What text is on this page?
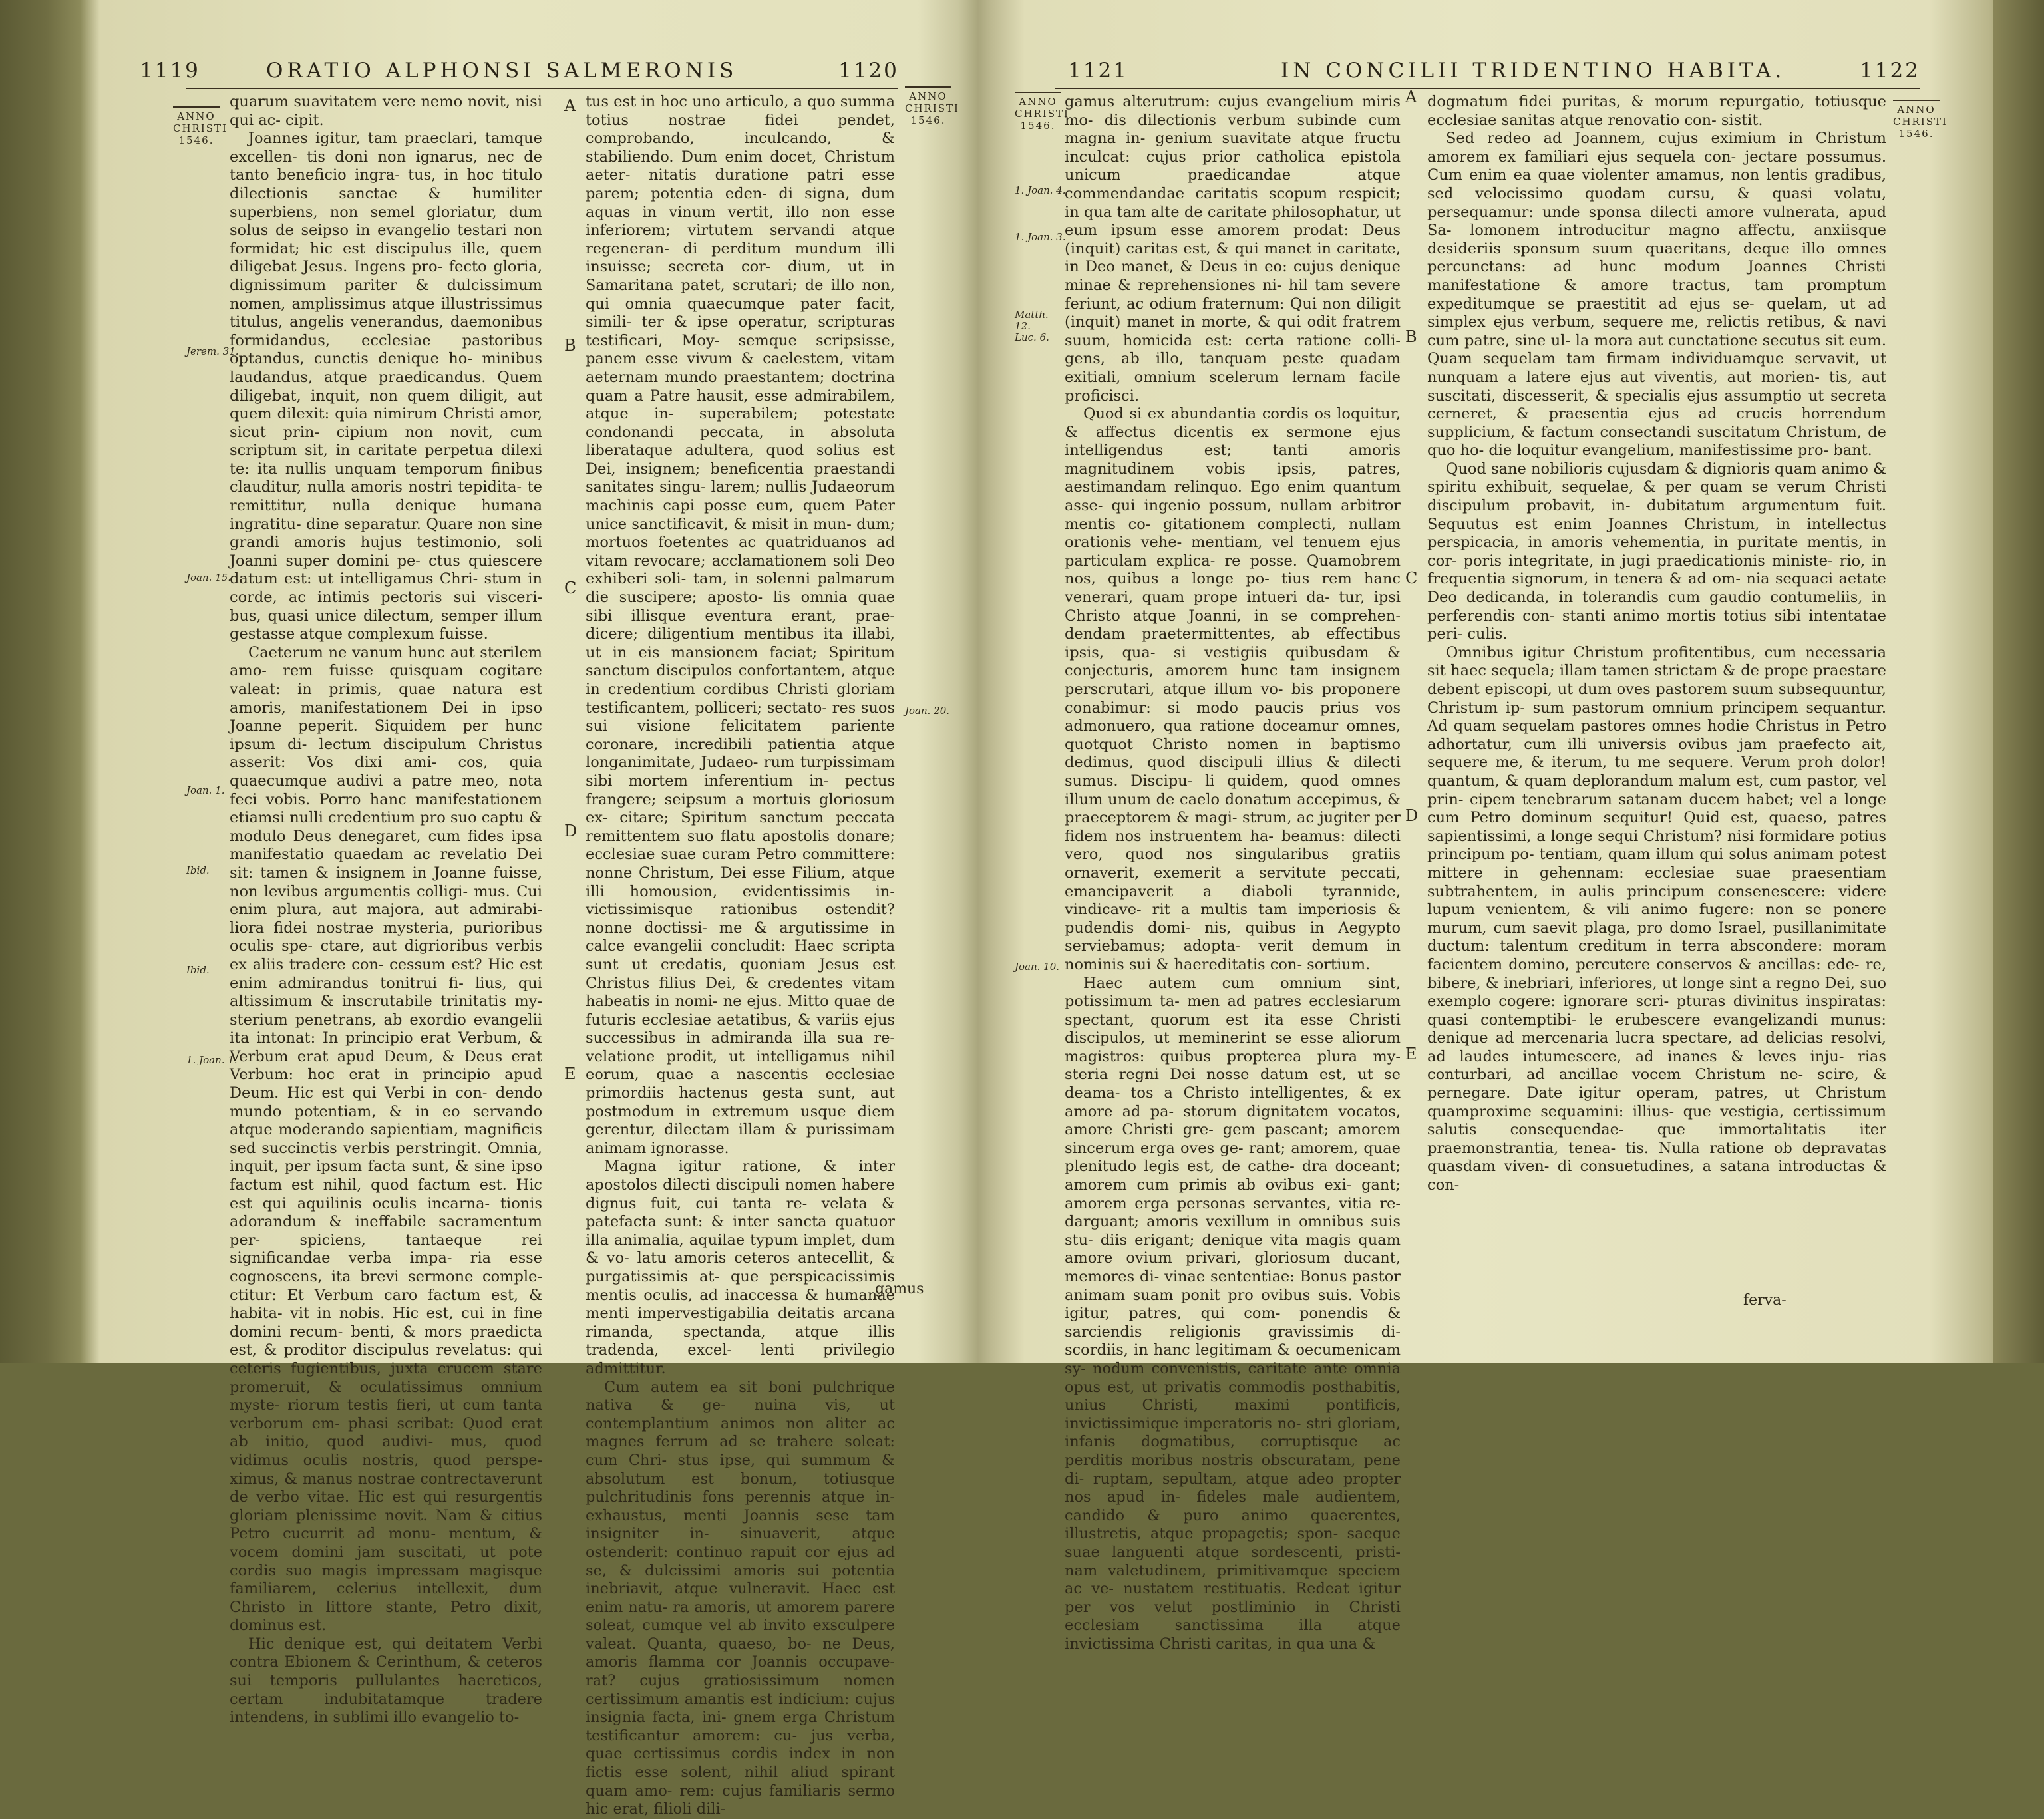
1119	ORATIO ALPHONSI SALMERONIS	1120
ANNO CHRISTI 1546.
ANNO CHRISTI 1546.
Jerem. 31.
Joan. 15.
Joan. 1.
Ibid.
Ibid.
1. Joan. 1.
Joan. 20.

quarum suavitatem vere nemo novit, nisi qui ac- cipit.

Joannes igitur, tam praeclari, tamque excellen- tis doni non ignarus, nec de tanto beneficio ingra- tus, in hoc titulo dilectionis sanctae & humiliter superbiens, non semel gloriatur, dum solus de seipso in evangelio testari non formidat; hic est discipulus ille, quem diligebat Jesus. Ingens pro- fecto gloria, dignissimum pariter & dulcissimum nomen, amplissimus atque illustrissimus titulus, angelis venerandus, daemonibus formidandus, ecclesiae pastoribus optandus, cunctis denique ho- minibus laudandus, atque praedicandus. Quem diligebat, inquit, non quem diligit, aut quem dilexit: quia nimirum Christi amor, sicut prin- cipium non novit, cum scriptum sit, in caritate perpetua dilexi te: ita nullis unquam temporum finibus clauditur, nulla amoris nostri tepidita- te remittitur, nulla denique humana ingratitu- dine separatur. Quare non sine grandi amoris hujus testimonio, soli Joanni super domini pe- ctus quiescere datum est: ut intelligamus Chri- stum in corde, ac intimis pectoris sui visceri- bus, quasi unice dilectum, semper illum gestasse atque complexum fuisse.

Caeterum ne vanum hunc aut sterilem amo- rem fuisse quisquam cogitare valeat: in primis, quae natura est amoris, manifestationem Dei in ipso Joanne peperit. Siquidem per hunc ipsum di- lectum discipulum Christus asserit: Vos dixi ami- cos, quia quaecumque audivi a patre meo, nota feci vobis. Porro hanc manifestationem etiamsi nulli credentium pro suo captu & modulo Deus denegaret, cum fides ipsa manifestatio quaedam ac revelatio Dei sit: tamen & insignem in Joanne fuisse, non levibus argumentis colligi- mus. Cui enim plura, aut majora, aut admirabi- liora fidei nostrae mysteria, purioribus oculis spe- ctare, aut digrioribus verbis ex aliis tradere con- cessum est? Hic est enim admirandus tonitrui fi- lius, qui altissimum & inscrutabile trinitatis my- sterium penetrans, ab exordio evangelii ita intonat: In principio erat Verbum, & Verbum erat apud Deum, & Deus erat Verbum: hoc erat in principio apud Deum. Hic est qui Verbi in con- dendo mundo potentiam, & in eo servando atque moderando sapientiam, magnificis sed succinctis verbis perstringit. Omnia, inquit, per ipsum facta sunt, & sine ipso factum est nihil, quod factum est. Hic est qui aquilinis oculis incarna- tionis adorandum & ineffabile sacramentum per- spiciens, tantaeque rei significandae verba impa- ria esse cognoscens, ita brevi sermone comple- ctitur: Et Verbum caro factum est, & habita- vit in nobis. Hic est, cui in fine domini recum- benti, & mors praedicta est, & proditor discipulus revelatus: qui ceteris fugientibus, juxta crucem stare promeruit, & oculatissimus omnium myste- riorum testis fieri, ut cum tanta verborum em- phasi scribat: Quod erat ab initio, quod audivi- mus, quod vidimus oculis nostris, quod perspe- ximus, & manus nostrae contrectaverunt de verbo vitae. Hic est qui resurgentis gloriam plenissime novit. Nam & citius Petro cucurrit ad monu- mentum, & vocem domini jam suscitati, ut pote cordis suo magis impressam magisque familiarem, celerius intellexit, dum Christo in littore stante, Petro dixit, dominus est.

Hic denique est, qui deitatem Verbi contra Ebionem & Cerinthum, & ceteros sui temporis pullulantes haereticos, certam indubitatamque tradere intendens, in sublimi illo evangelio to-

A
B
C
D
E

tus est in hoc uno articulo, a quo summa totius nostrae fidei pendet, comprobando, inculcando, & stabiliendo. Dum enim docet, Christum aeter- nitatis duratione patri esse parem; potentia eden- di signa, dum aquas in vinum vertit, illo non esse inferiorem; virtutem servandi atque regeneran- di perditum mundum illi insuisse; secreta cor- dium, ut in Samaritana patet, scrutari; de illo non, qui omnia quaecumque pater facit, simili- ter & ipse operatur, scripturas testificari, Moy- semque scripsisse, panem esse vivum & caelestem, vitam aeternam mundo praestantem; doctrina quam a Patre hausit, esse admirabilem, atque in- superabilem; potestate condonandi peccata, in absoluta liberataque adultera, quod solius est Dei, insignem; beneficentia praestandi sanitates singu- larem; nullis Judaeorum machinis capi posse eum, quem Pater unice sanctificavit, & misit in mun- dum; mortuos foetentes ac quatriduanos ad vitam revocare; acclamationem soli Deo exhiberi soli- tam, in solenni palmarum die suscipere; aposto- lis omnia quae sibi illisque eventura erant, prae- dicere; diligentium mentibus ita illabi, ut in eis mansionem faciat; Spiritum sanctum discipulos confortantem, atque in credentium cordibus Christi gloriam testificantem, polliceri; sectato- res suos sui visione felicitatem pariente coronare, incredibili patientia atque longanimitate, Judaeo- rum turpissimam sibi mortem inferentium in- pectus frangere; seipsum a mortuis gloriosum ex- citare; Spiritum sanctum peccata remittentem suo flatu apostolis donare; ecclesiae suae curam Petro committere: nonne Christum, Dei esse Filium, atque illi homousion, evidentissimis in- victissimisque rationibus ostendit? nonne doctissi- me & argutissime in calce evangelii concludit: Haec scripta sunt ut credatis, quoniam Jesus est Christus filius Dei, & credentes vitam habeatis in nomi- ne ejus. Mitto quae de futuris ecclesiae aetatibus, & variis ejus successibus in admiranda illa sua re- velatione prodit, ut intelligamus nihil eorum, quae a nascentis ecclesiae primordiis hactenus gesta sunt, aut postmodum in extremum usque diem gerentur, dilectam illam & purissimam animam ignorasse.

Magna igitur ratione, & inter apostolos dilecti discipuli nomen habere dignus fuit, cui tanta re- velata & patefacta sunt: & inter sancta quatuor illa animalia, aquilae typum implet, dum & vo- latu amoris ceteros antecellit, & purgatissimis at- que perspicacissimis mentis oculis, ad inaccessa & humanae menti impervestigabilia deitatis arcana rimanda, spectanda, atque illis tradenda, excel- lenti privilegio admittitur.

Cum autem ea sit boni pulchrique nativa & ge- nuina vis, ut contemplantium animos non aliter ac magnes ferrum ad se trahere soleat: cum Chri- stus ipse, qui summum & absolutum est bonum, totiusque pulchritudinis fons perennis atque in- exhaustus, menti Joannis sese tam insigniter in- sinuaverit, atque ostenderit: continuo rapuit cor ejus ad se, & dulcissimi amoris sui potentia inebriavit, atque vulneravit. Haec est enim natu- ra amoris, ut amorem parere soleat, cumque vel ab invito exsculpere valeat. Quanta, quaeso, bo- ne Deus, amoris flamma cor Joannis occupave- rat? cujus gratiosissimum nomen certissimum amantis est indicium: cujus insignia facta, ini- gnem erga Christum testificantur amorem: cu- jus verba, quae certissimus cordis index in non fictis esse solent, nihil aliud spirant quam amo- rem: cujus familiaris sermo hic erat, filioli dili-

gamus
1121	IN CONCILII TRIDENTINO HABITA.	1122
ANNO CHRISTI 1546.
ANNO CHRISTI 1546.
1. Joan. 4.
1. Joan. 3.
Matth. 12. Luc. 6.
Joan. 10.

gamus alterutrum: cujus evangelium miris mo- dis dilectionis verbum subinde cum magna in- genium suavitate atque fructu inculcat: cujus prior catholica epistola unicum praedicandae atque commendandae caritatis scopum respicit; in qua tam alte de caritate philosophatur, ut eum ipsum esse amorem prodat: Deus (inquit) caritas est, & qui manet in caritate, in Deo manet, & Deus in eo: cujus denique minae & reprehensiones ni- hil tam severe feriunt, ac odium fraternum: Qui non diligit (inquit) manet in morte, & qui odit fratrem suum, homicida est: certa ratione colli- gens, ab illo, tanquam peste quadam exitiali, omnium scelerum lernam facile proficisci.

Quod si ex abundantia cordis os loquitur, & affectus dicentis ex sermone ejus intelligendus est; tanti amoris magnitudinem vobis ipsis, patres, aestimandam relinquo. Ego enim quantum asse- qui ingenio possum, nullam arbitror mentis co- gitationem complecti, nullam orationis vehe- mentiam, vel tenuem ejus particulam explica- re posse. Quamobrem nos, quibus a longe po- tius rem hanc venerari, quam prope intueri da- tur, ipsi Christo atque Joanni, in se comprehen- dendam praetermittentes, ab effectibus ipsis, qua- si vestigiis quibusdam & conjecturis, amorem hunc tam insignem perscrutari, atque illum vo- bis proponere conabimur: si modo paucis prius vos admonuero, qua ratione doceamur omnes, quotquot Christo nomen in baptismo dedimus, quod discipuli illius & dilecti sumus. Discipu- li quidem, quod omnes illum unum de caelo donatum accepimus, & praeceptorem & magi- strum, ac jugiter per fidem nos instruentem ha- beamus: dilecti vero, quod nos singularibus gratiis ornaverit, exemerit a servitute peccati, emancipaverit a diaboli tyrannide, vindicave- rit a multis tam imperiosis & pudendis domi- nis, quibus in Aegypto serviebamus; adopta- verit demum in nominis sui & haereditatis con- sortium.

Haec autem cum omnium sint, potissimum ta- men ad patres ecclesiarum spectant, quorum est ita esse Christi discipulos, ut meminerint se esse aliorum magistros: quibus propterea plura my- steria regni Dei nosse datum est, ut se deama- tos a Christo intelligentes, & ex amore ad pa- storum dignitatem vocatos, amore Christi gre- gem pascant; amorem sincerum erga oves ge- rant; amorem, quae plenitudo legis est, de cathe- dra doceant; amorem cum primis ab ovibus exi- gant; amorem erga personas servantes, vitia re- darguant; amoris vexillum in omnibus suis stu- diis erigant; denique vita magis quam amore ovium privari, gloriosum ducant, memores di- vinae sententiae: Bonus pastor animam suam ponit pro ovibus suis. Vobis igitur, patres, qui com- ponendis & sarciendis religionis gravissimis di- scordiis, in hanc legitimam & oecumenicam sy- nodum convenistis, caritate ante omnia opus est, ut privatis commodis posthabitis, unius Christi, maximi pontificis, invictissimique imperatoris no- stri gloriam, infanis dogmatibus, corruptisque ac perditis moribus nostris obscuratam, pene di- ruptam, sepultam, atque adeo propter nos apud in- fideles male audientem, candido & puro animo quaerentes, illustretis, atque propagetis; spon- saeque suae languenti atque sordescenti, pristi- nam valetudinem, primitivamque speciem ac ve- nustatem restituatis. Redeat igitur per vos velut postliminio in Christi ecclesiam sanctissima illa atque invictissima Christi caritas, in qua una &

A
B
C
D
E

dogmatum fidei puritas, & morum repurgatio, totiusque ecclesiae sanitas atque renovatio con- sistit.

Sed redeo ad Joannem, cujus eximium in Christum amorem ex familiari ejus sequela con- jectare possumus. Cum enim ea quae violenter amamus, non lentis gradibus, sed velocissimo quodam cursu, & quasi volatu, persequamur: unde sponsa dilecti amore vulnerata, apud Sa- lomonem introducitur magno affectu, anxiisque desideriis sponsum suum quaeritans, deque illo omnes percunctans: ad hunc modum Joannes Christi manifestatione & amore tractus, tam promptum expeditumque se praestitit ad ejus se- quelam, ut ad simplex ejus verbum, sequere me, relictis retibus, & navi cum patre, sine ul- la mora aut cunctatione secutus sit eum. Quam sequelam tam firmam individuamque servavit, ut nunquam a latere ejus aut viventis, aut morien- tis, aut suscitati, discesserit, & specialis ejus assumptio ut secreta cerneret, & praesentia ejus ad crucis horrendum supplicium, & factum consectandi suscitatum Christum, de quo ho- die loquitur evangelium, manifestissime pro- bant.

Quod sane nobilioris cujusdam & dignioris quam animo & spiritu exhibuit, sequelae, & per quam se verum Christi discipulum probavit, in- dubitatum argumentum fuit. Sequutus est enim Joannes Christum, in intellectus perspicacia, in amoris vehementia, in puritate mentis, in cor- poris integritate, in jugi praedicationis ministe- rio, in frequentia signorum, in tenera & ad om- nia sequaci aetate Deo dedicanda, in tolerandis cum gaudio contumeliis, in perferendis con- stanti animo mortis totius sibi intentatae peri- culis.

Omnibus igitur Christum profitentibus, cum necessaria sit haec sequela; illam tamen strictam & de prope praestare debent episcopi, ut dum oves pastorem suum subsequuntur, Christum ip- sum pastorum omnium principem sequantur. Ad quam sequelam pastores omnes hodie Christus in Petro adhortatur, cum illi universis ovibus jam praefecto ait, sequere me, & iterum, tu me sequere. Verum proh dolor! quantum, & quam deplorandum malum est, cum pastor, vel prin- cipem tenebrarum satanam ducem habet; vel a longe cum Petro dominum sequitur! Quid est, quaeso, patres sapientissimi, a longe sequi Christum? nisi formidare potius principum po- tentiam, quam illum qui solus animam potest mittere in gehennam: ecclesiae suae praesentiam subtrahentem, in aulis principum consenescere: videre lupum venientem, & vili animo fugere: non se ponere murum, cum saevit plaga, pro domo Israel, pusillanimitate ductum: talentum creditum in terra abscondere: moram facientem domino, percutere conservos & ancillas: ede- re, bibere, & inebriari, inferiores, ut longe sint a regno Dei, suo exemplo cogere: ignorare scri- pturas divinitus inspiratas: quasi contemptibi- le erubescere evangelizandi munus: denique ad mercenaria lucra spectare, ad delicias resolvi, ad laudes intumescere, ad inanes & leves inju- rias conturbari, ad ancillae vocem Christum ne- scire, & pernegare. Date igitur operam, patres, ut Christum quamproxime sequamini: illius- que vestigia, certissimum salutis consequendae- que immortalitatis iter praemonstrantia, tenea- tis. Nulla ratione ob depravatas quasdam viven- di consuetudines, a satana introductas & con-

ferva-
